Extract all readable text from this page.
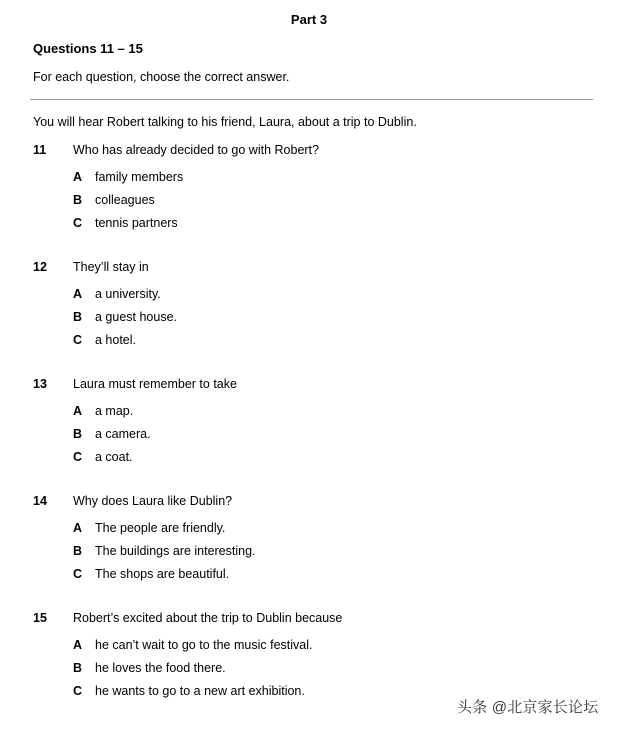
Part 3
Questions 11 – 15
For each question, choose the correct answer.
You will hear Robert talking to his friend, Laura, about a trip to Dublin.
11 Who has already decided to go with Robert?
A family members
B colleagues
C tennis partners
12 They’ll stay in
A a university.
B a guest house.
C a hotel.
13 Laura must remember to take
A a map.
B a camera.
C a coat.
14 Why does Laura like Dublin?
A The people are friendly.
B The buildings are interesting.
C The shops are beautiful.
15 Robert’s excited about the trip to Dublin because
A he can’t wait to go to the music festival.
B he loves the food there.
C he wants to go to a new art exhibition.
头条 @北京家长论坛
